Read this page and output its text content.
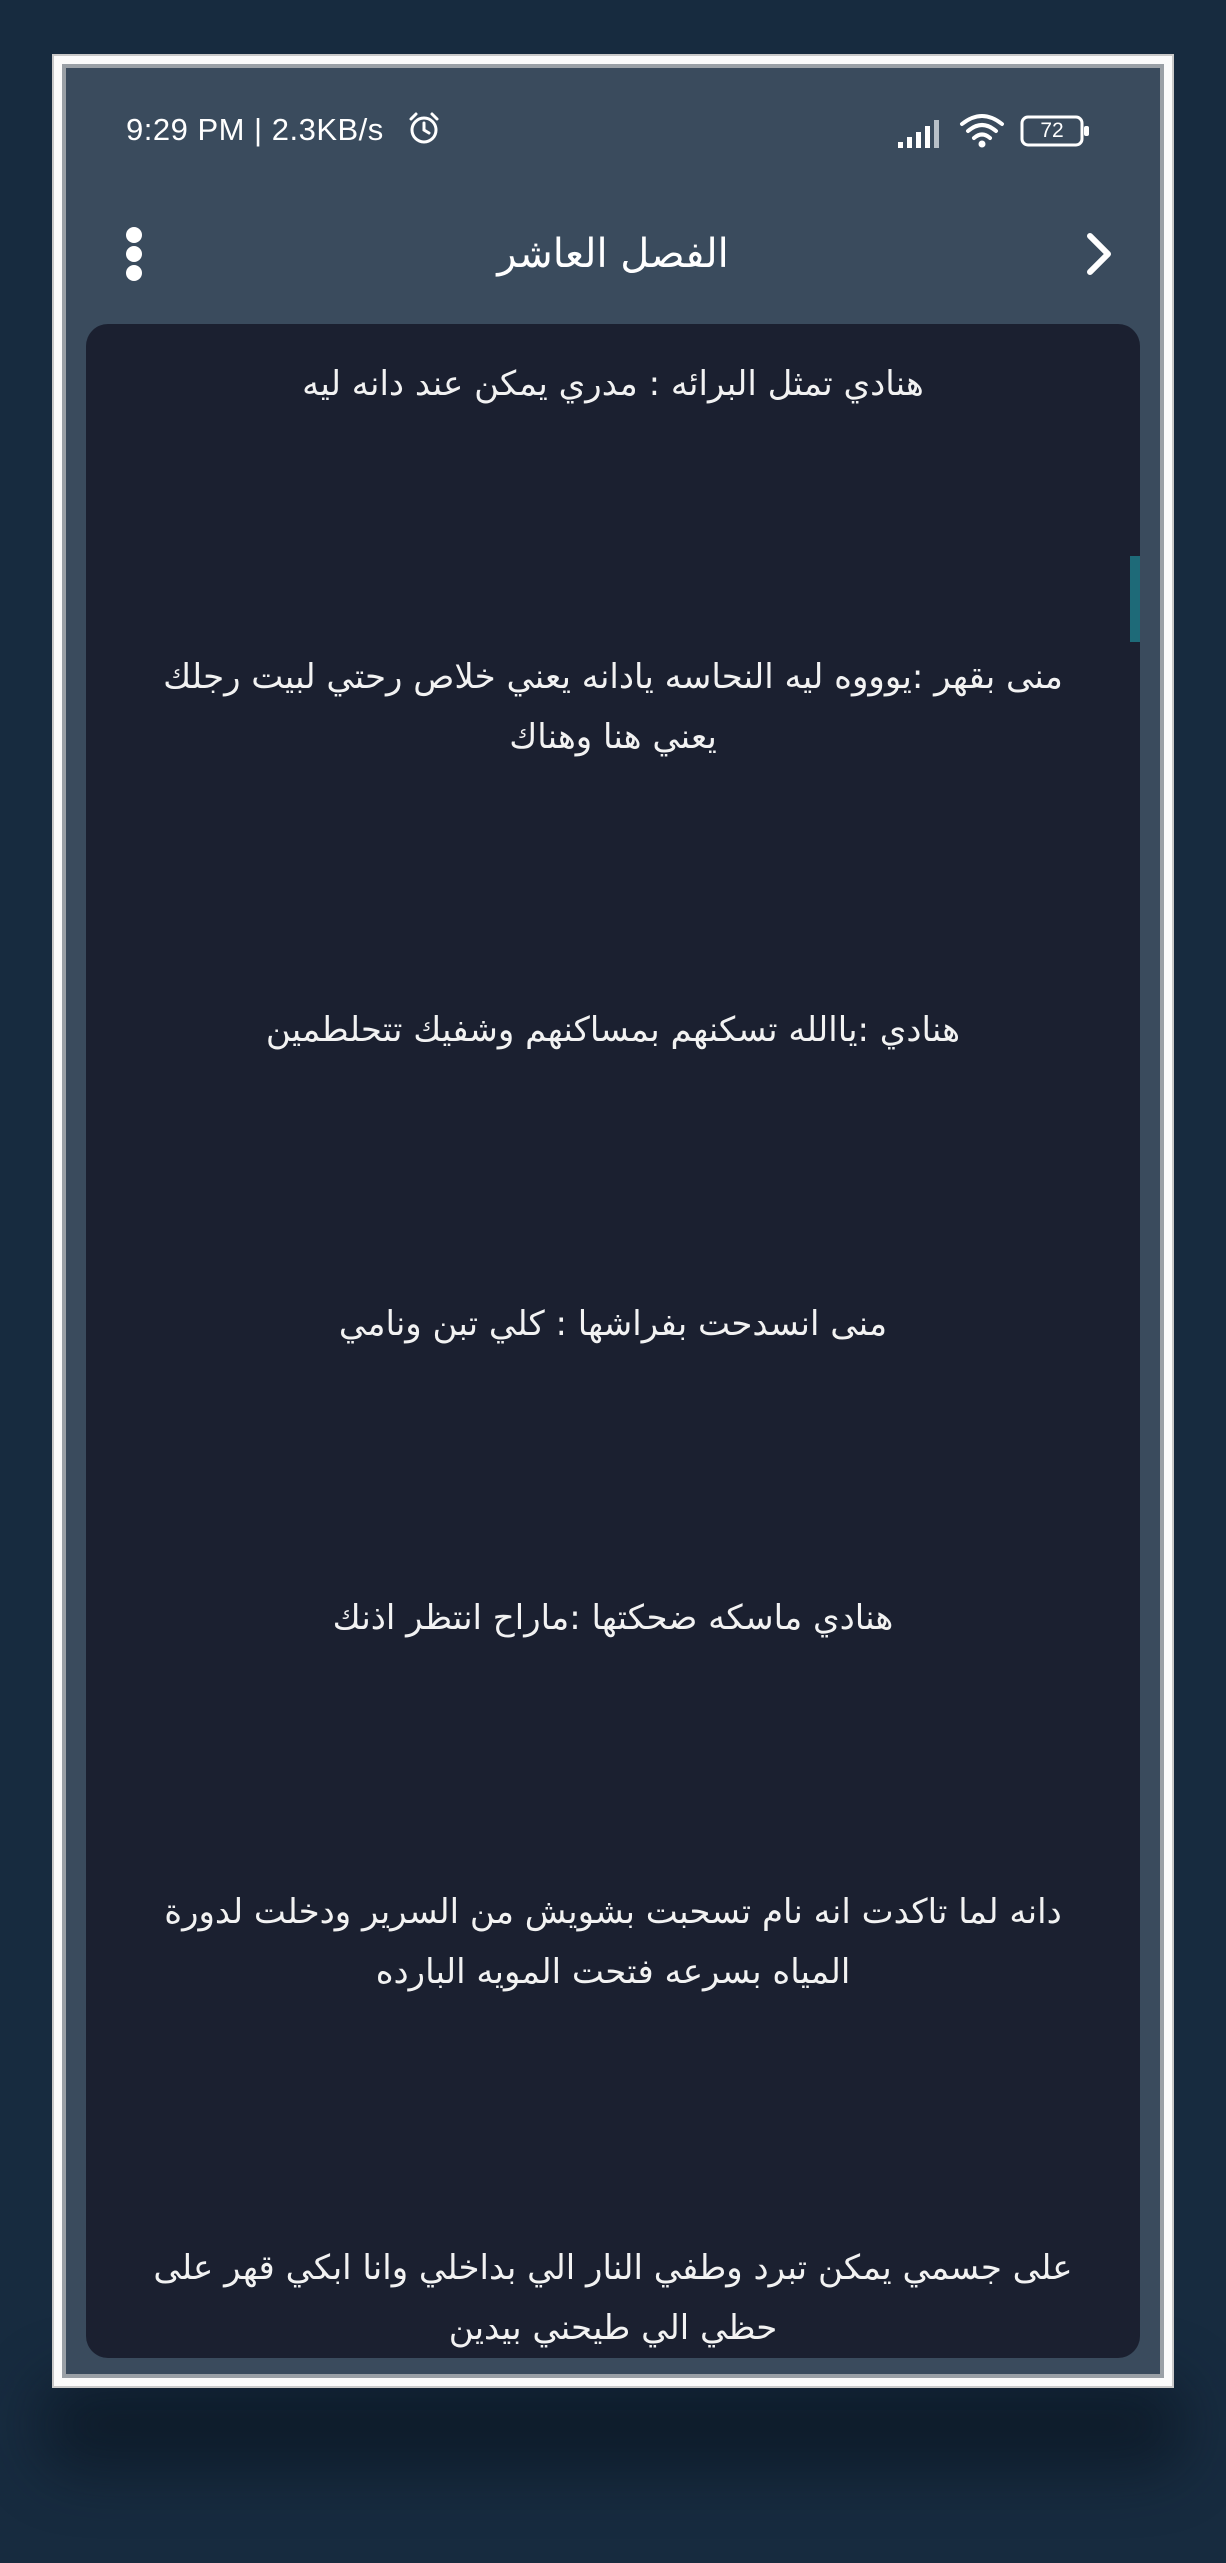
9:29 PM | 2.3KB/s	72
الفصل العاشر

هنادي تمثل البرائه : مدري يمكن عند دانه ليه

منى بقهر :يوووه ليه النحاسه يادانه يعني خلاص رحتي لبيت رجلك يعني هنا وهناك

هنادي :ياالله تسكنهم بمساكنهم وشفيك تتحلطمين

منى انسدحت بفراشها : كلي تبن ونامي

هنادي ماسكه ضحكتها :ماراح انتظر اذنك

دانه لما تاكدت انه نام تسحبت بشويش من السرير ودخلت لدورة المياه بسرعه فتحت المويه البارده

على جسمي يمكن تبرد وطفي النار الي بداخلي وانا ابكي قهر على حظي الي طيحني بيدين
